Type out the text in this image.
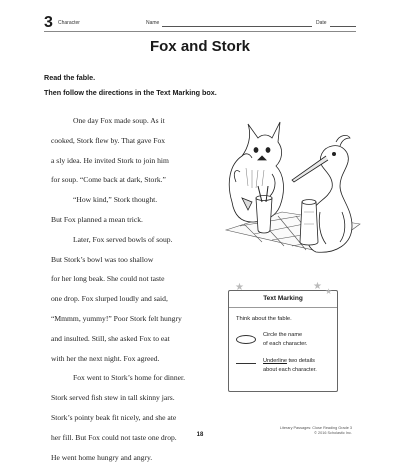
3 Character	Name	Date
Fox and Stork
Read the fable.
Then follow the directions in the Text Marking box.
One day Fox made soup. As it
cooked, Stork flew by. That gave Fox
a sly idea. He invited Stork to join him
for soup. “Come back at dark, Stork.”
“How kind,” Stork thought.
But Fox planned a mean trick.
Later, Fox served bowls of soup.
But Stork’s bowl was too shallow
for her long beak. She could not taste
one drop. Fox slurped loudly and said,
“Mmmm, yummy!” Poor Stork felt hungry
and insulted. Still, she asked Fox to eat
with her the next night. Fox agreed.
Fox went to Stork’s home for dinner.
Stork served fish stew in tall skinny jars.
Stork’s pointy beak fit nicely, and she ate
her fill. But Fox could not taste one drop.
He went home hungry and angry.
★	★ ★
Text Marking
Think about the fable.
Circle the name
of each character.
Underline two details
about each character.
Literary Passages: Close Reading Grade 3
© 2016 Scholastic Inc.
18
